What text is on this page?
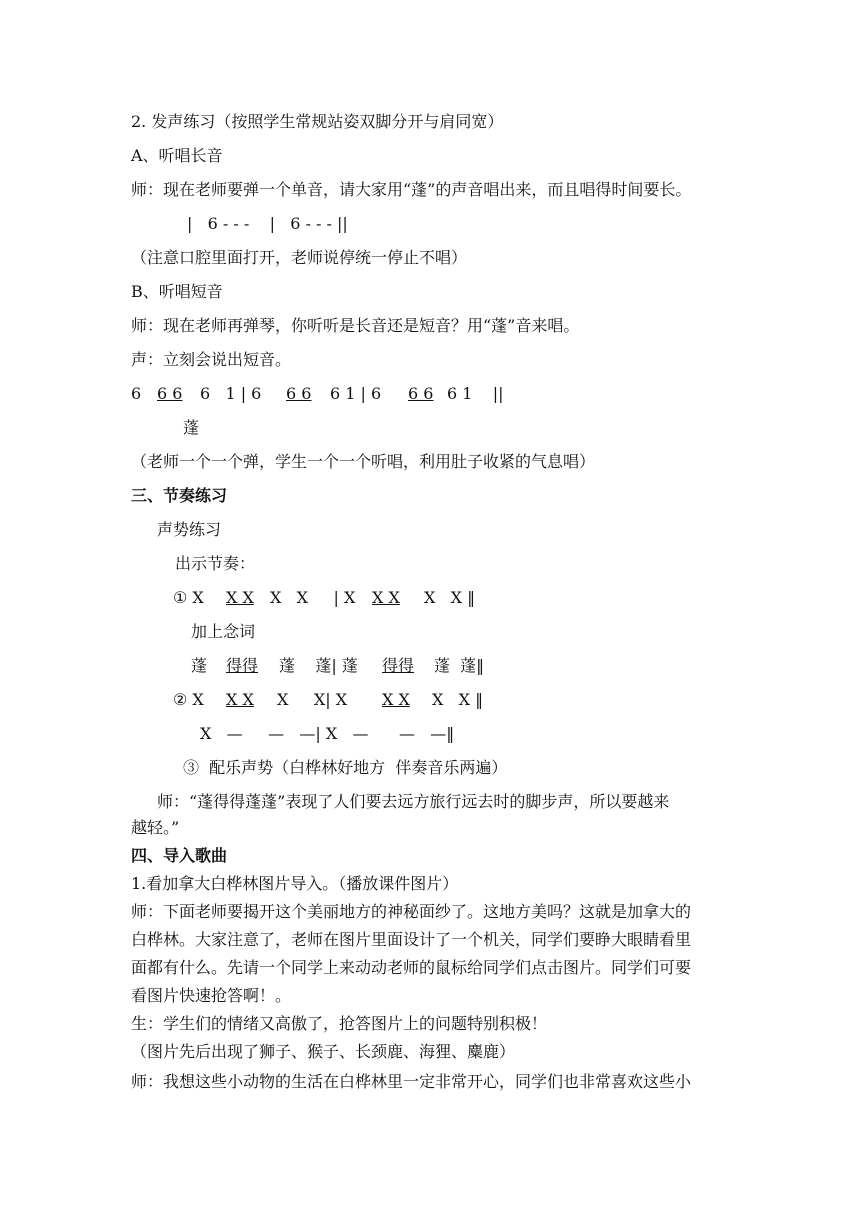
2. 发声练习（按照学生常规站姿双脚分开与肩同宽）
A、听唱长音
师：现在老师要弹一个单音，请大家用“蓬”的声音唱出来，而且唱得时间要长。
|   6 - - -    |   6 - - - ||
（注意口腔里面打开，老师说停统一停止不唱）
B、听唱短音
师：现在老师再弹琴，你听听是长音还是短音？用“蓬”音来唱。
声：立刻会说出短音。
6 6 6 6   1 | 6 6 6 6 1 | 6 6 6 6 1    ||
蓬
（老师一个一个弹，学生一个一个听唱，利用肚子收紧的气息唱）
三、节奏练习
声势练习
出示节奏：
① X X X X   X     | X X X X   X ‖
加上念词
蓬 得得 蓬    蓬| 蓬 得得 蓬  蓬‖
② X X X X     X| X X X X   X ‖
X   —     —   —| X   —      —   —‖
③  配乐声势（白桦林好地方  伴奏音乐两遍）
师：“蓬得得蓬蓬”表现了人们要去远方旅行远去时的脚步声，所以要越来
越轻。”
四、导入歌曲
1.看加拿大白桦林图片导入。（播放课件图片）
师：下面老师要揭开这个美丽地方的神秘面纱了。这地方美吗？这就是加拿大的
白桦林。大家注意了，老师在图片里面设计了一个机关，同学们要睁大眼睛看里
面都有什么。先请一个同学上来动动老师的鼠标给同学们点击图片。同学们可要
看图片快速抢答啊！。
生：学生们的情绪又高傲了，抢答图片上的问题特别积极！
（图片先后出现了狮子、猴子、长颈鹿、海狸、麋鹿）
师：我想这些小动物的生活在白桦林里一定非常开心，同学们也非常喜欢这些小
